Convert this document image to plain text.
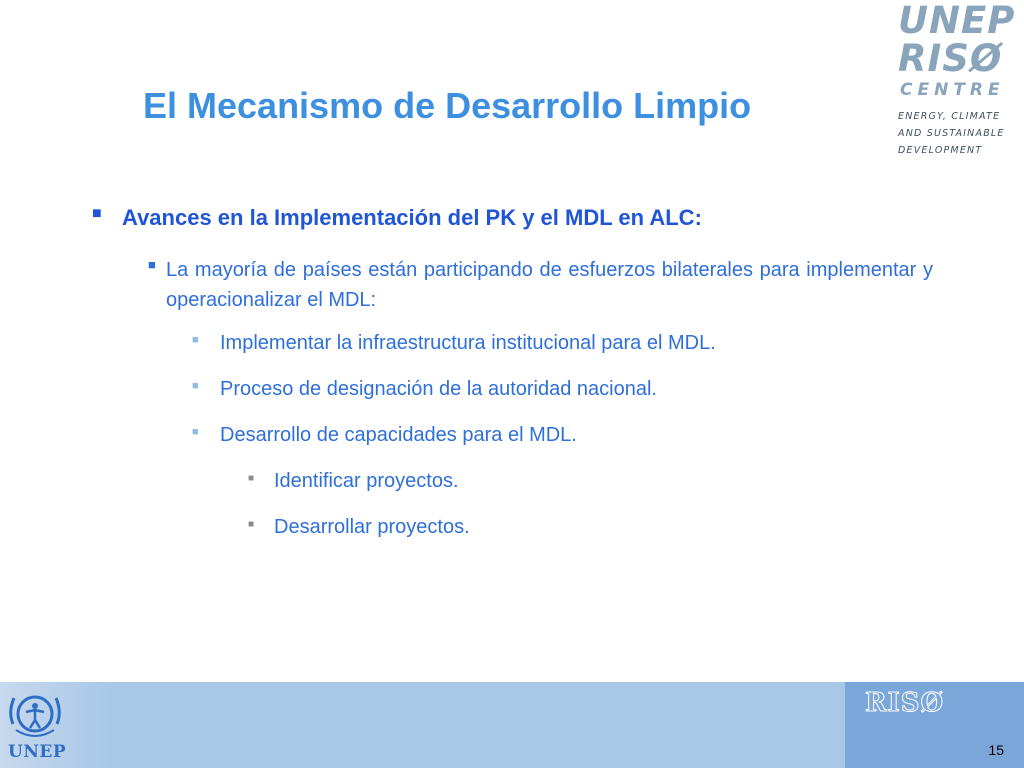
UNEP
RISØ
CENTRE
ENERGY, CLIMATE
AND SUSTAINABLE
DEVELOPMENT
El Mecanismo de Desarrollo Limpio
■ Avances en la Implementación del PK y el MDL en ALC:
■ La mayoría de países están participando de esfuerzos bilaterales para implementar y operacionalizar el MDL:
■ Implementar la infraestructura institucional para el MDL.
■ Proceso de designación de la autoridad nacional.
■ Desarrollo de capacidades para el MDL.
■ Identificar proyectos.
■ Desarrollar proyectos.
UNEP
RISØ
15
